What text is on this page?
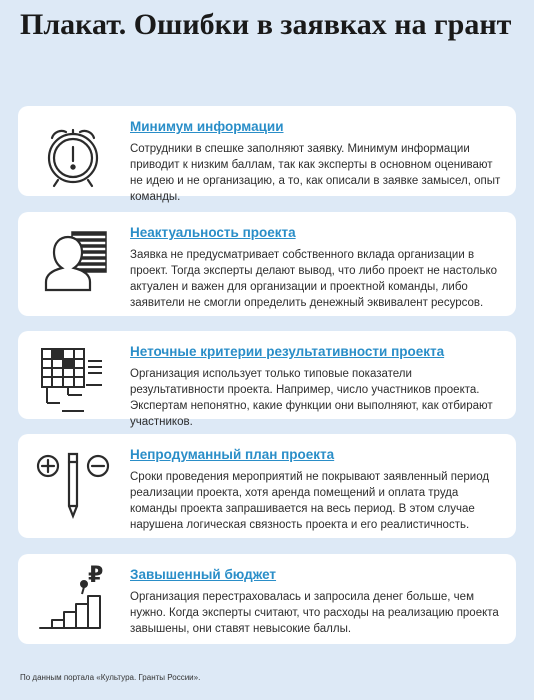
Плакат. Ошибки в заявках на грант
Минимум информации

Сотрудники в спешке заполняют заявку. Минимум информации приводит к низким баллам, так как эксперты в основном оценивают не идею и не организацию, а то, как описали в заявке замысел, опыт команды.

Неактуальность проекта

Заявка не предусматривает собственного вклада организации в проект. Тогда эксперты делают вывод, что либо проект не настолько актуален и важен для организации и проектной команды, либо заявители не смогли определить денежный эквивалент ресурсов.

Неточные критерии результативности проекта

Организация использует только типовые показатели результативности проекта. Например, число участников проекта. Экспертам непонятно, какие функции они выполняют, как отбирают участников.

Непродуманный план проекта

Сроки проведения мероприятий не покрывают заявленный период реализации проекта, хотя аренда помещений и оплата труда команды проекта запрашивается на весь период. В этом случае нарушена логическая связность проекта и его реалистичность.

₽ Завышенный бюджет

Организация перестраховалась и запросила денег больше, чем нужно. Когда эксперты считают, что расходы на реализацию проекта завышены, они ставят невысокие баллы.

По данным портала «Культура. Гранты России».
